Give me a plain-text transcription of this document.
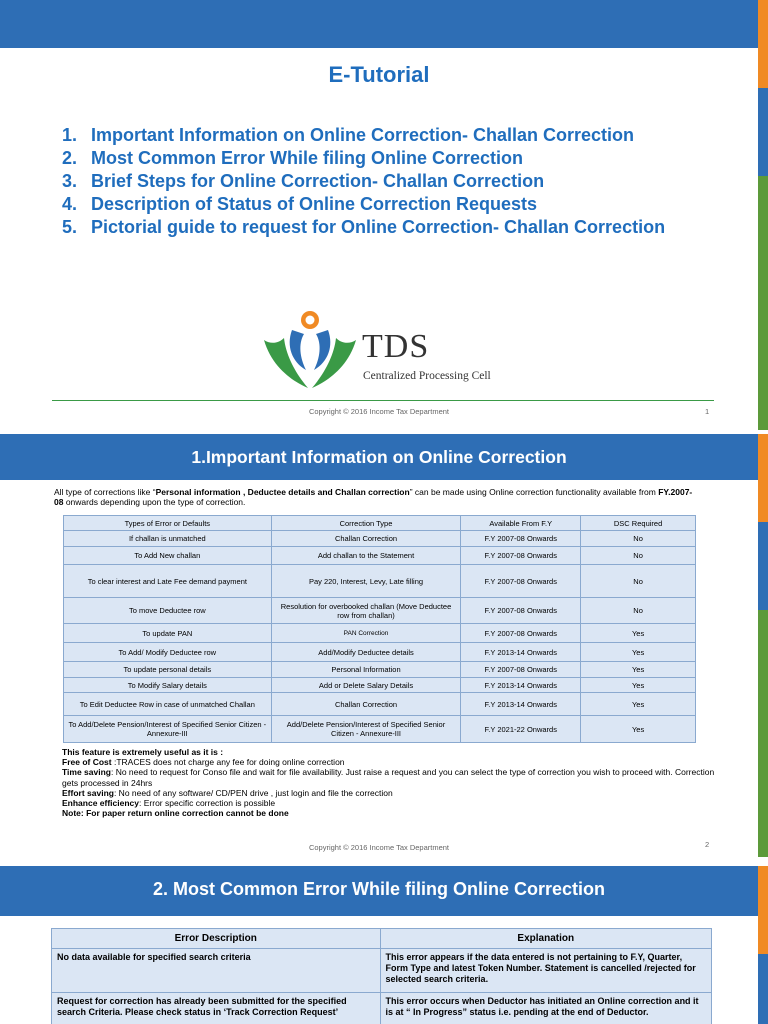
E-Tutorial
1. Important Information on Online Correction- Challan Correction
2. Most Common Error While filing Online Correction
3. Brief Steps for Online Correction- Challan Correction
4. Description of Status of Online Correction Requests
5. Pictorial guide to request for Online Correction- Challan Correction
TDS
Centralized Processing Cell
Copyright © 2016 Income Tax Department	1
1.Important Information on Online Correction

All type of corrections like “Personal information , Deductee details and Challan correction” can be made using Online correction functionality available from FY.2007-08 onwards depending upon the type of correction.

Types of Error or Defaults	Correction Type	Available From F.Y	DSC Required
If challan is unmatched	Challan Correction	F.Y 2007-08 Onwards	No
To Add New challan	Add challan to the Statement	F.Y 2007-08 Onwards	No
To clear interest and Late Fee demand payment	Pay 220, Interest, Levy, Late filling	F.Y 2007-08 Onwards	No
To move Deductee row	Resolution for overbooked challan (Move Deductee row from challan)	F.Y 2007-08 Onwards	No
To update PAN	PAN Correction	F.Y 2007-08 Onwards	Yes
To Add/ Modify Deductee row	Add/Modify Deductee details	F.Y 2013-14 Onwards	Yes
To update personal details	Personal Information	F.Y 2007-08 Onwards	Yes
To Modify Salary details	Add or Delete Salary Details	F.Y 2013-14 Onwards	Yes
To Edit Deductee Row in case of unmatched Challan	Challan Correction	F.Y 2013-14 Onwards	Yes
To Add/Delete Pension/Interest of Specified Senior Citizen - Annexure-III	Add/Delete Pension/Interest of Specified Senior Citizen - Annexure-III	F.Y 2021-22 Onwards	Yes
This feature is extremely useful as it is :
Free of Cost :TRACES does not charge any fee for doing online correction
Time saving: No need to request for Conso file and wait for file availability. Just raise a request and you can select the type of correction you wish to proceed with. Correction gets processed in 24hrs
Effort saving: No need of any software/ CD/PEN drive , just login and file the correction
Enhance efficiency: Error specific correction is possible
Note: For paper return online correction cannot be done
Copyright © 2016 Income Tax Department	2
2. Most Common Error While filing Online Correction
Error Description	Explanation
No data available for specified search criteria	This error appears if the data entered is not pertaining to F.Y, Quarter, Form Type and latest Token Number. Statement is cancelled /rejected for selected search criteria.
Request for correction has already been submitted for the specified search Criteria. Please check status in ‘Track Correction Request’	This error occurs when Deductor has initiated an Online correction and it is at “ In Progress” status i.e. pending at the end of Deductor.
